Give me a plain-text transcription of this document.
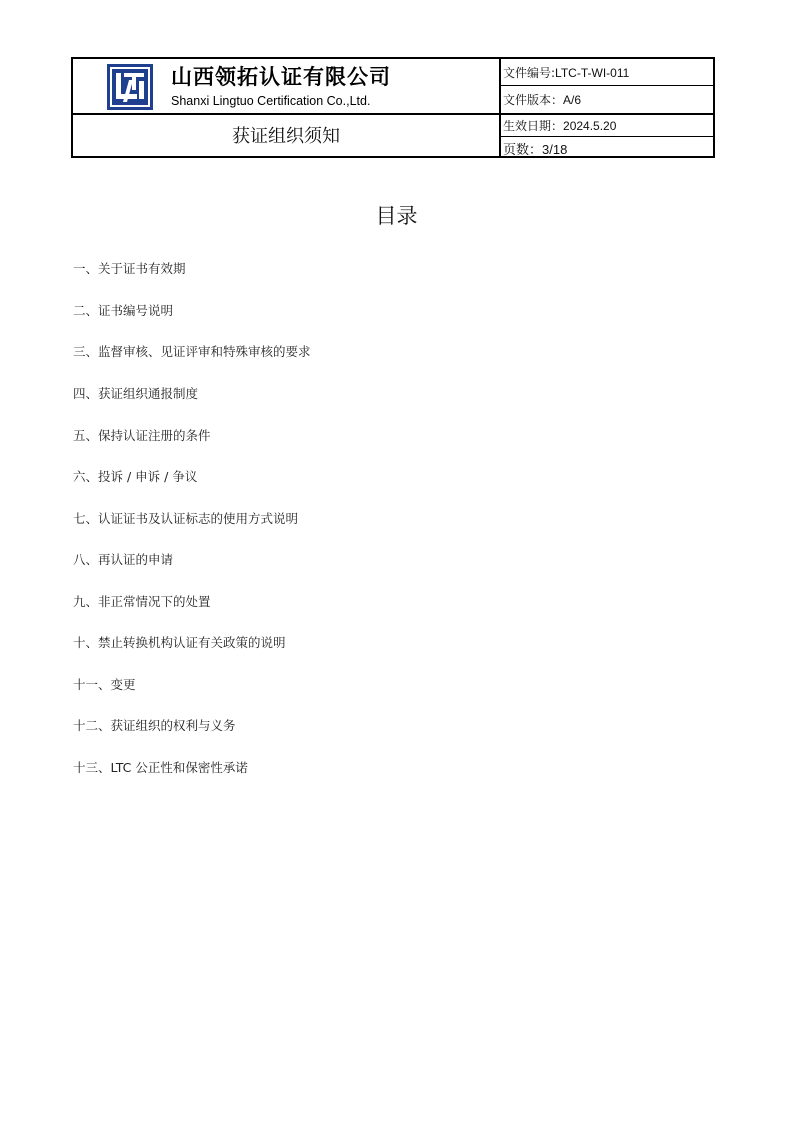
山西领拓认证有限公司
Shanxi Lingtuo Certification Co.,Ltd.
获证组织须知
文件编号:LTC-T-WI-011
文件版本：A/6
生效日期：2024.5.20
页数：3/18
目录
一、关于证书有效期
二、证书编号说明
三、监督审核、见证评审和特殊审核的要求
四、获证组织通报制度
五、保持认证注册的条件
六、投诉 / 申诉 / 争议
七、认证证书及认证标志的使用方式说明
八、再认证的申请
九、非正常情况下的处置
十、禁止转换机构认证有关政策的说明
十一、变更
十二、获证组织的权利与义务
十三、LTC 公正性和保密性承诺
